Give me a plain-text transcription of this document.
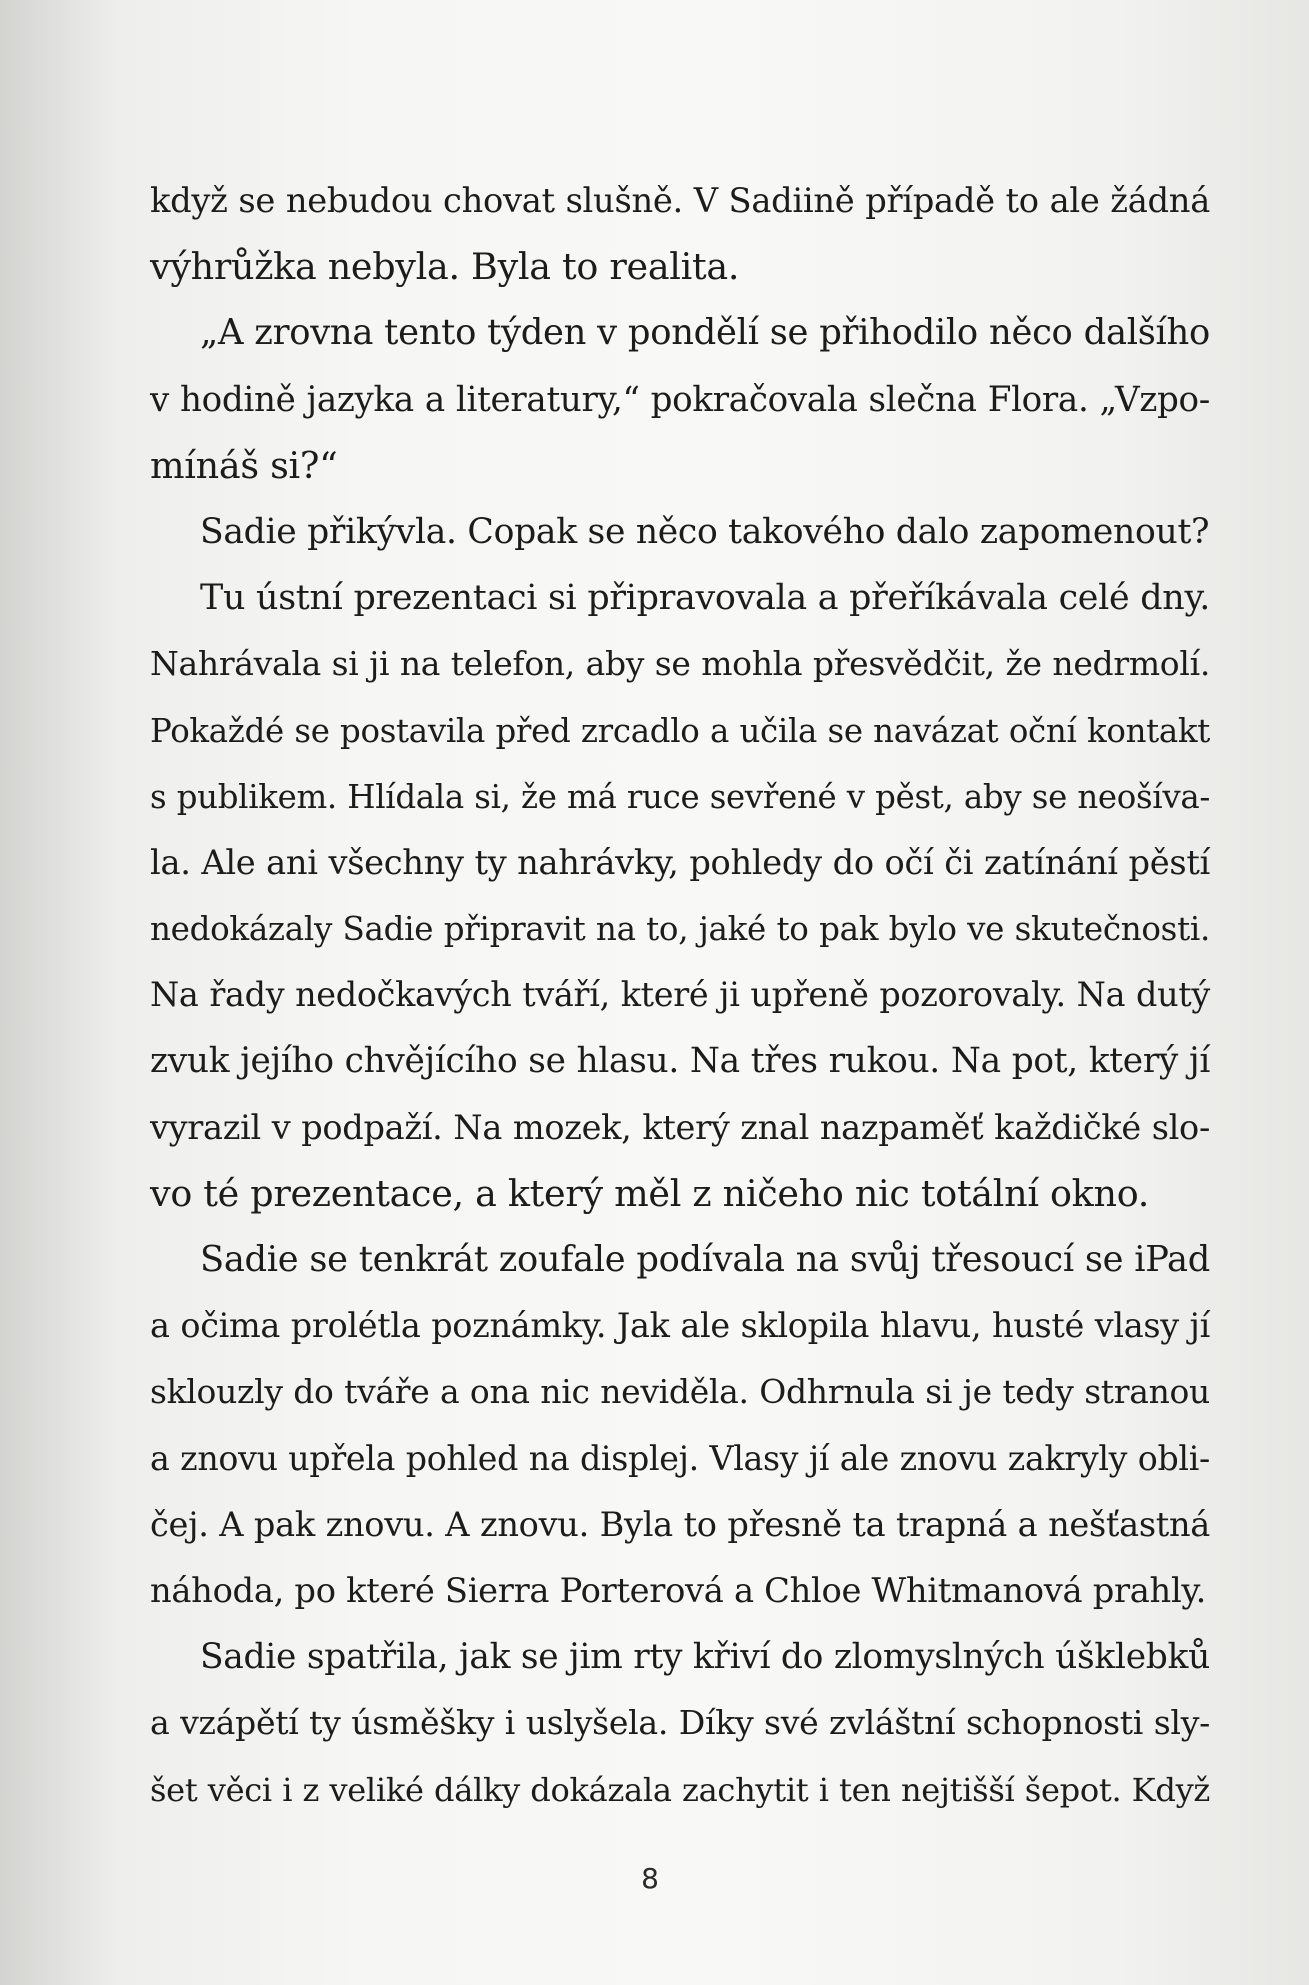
když se nebudou chovat slušně. V Sadiině případě to ale žádná
výhrůžka nebyla. Byla to realita.
„A zrovna tento týden v pondělí se přihodilo něco dalšího
v hodině jazyka a literatury,“ pokračovala slečna Flora. „Vzpo-
mínáš si?“
Sadie přikývla. Copak se něco takového dalo zapomenout?
Tu ústní prezentaci si připravovala a přeříkávala celé dny.
Nahrávala si ji na telefon, aby se mohla přesvědčit, že nedrmolí.
Pokaždé se postavila před zrcadlo a učila se navázat oční kontakt
s publikem. Hlídala si, že má ruce sevřené v pěst, aby se neošíva-
la. Ale ani všechny ty nahrávky, pohledy do očí či zatínání pěstí
nedokázaly Sadie připravit na to, jaké to pak bylo ve skutečnosti.
Na řady nedočkavých tváří, které ji upřeně pozorovaly. Na dutý
zvuk jejího chvějícího se hlasu. Na třes rukou. Na pot, který jí
vyrazil v podpaží. Na mozek, který znal nazpaměť každičké slo-
vo té prezentace, a který měl z ničeho nic totální okno.
Sadie se tenkrát zoufale podívala na svůj třesoucí se iPad
a očima prolétla poznámky. Jak ale sklopila hlavu, husté vlasy jí
sklouzly do tváře a ona nic neviděla. Odhrnula si je tedy stranou
a znovu upřela pohled na displej. Vlasy jí ale znovu zakryly obli-
čej. A pak znovu. A znovu. Byla to přesně ta trapná a nešťastná
náhoda, po které Sierra Porterová a Chloe Whitmanová prahly.
Sadie spatřila, jak se jim rty křiví do zlomyslných úšklebků
a vzápětí ty úsměšky i uslyšela. Díky své zvláštní schopnosti sly-
šet věci i z veliké dálky dokázala zachytit i ten nejtišší šepot. Když
8
